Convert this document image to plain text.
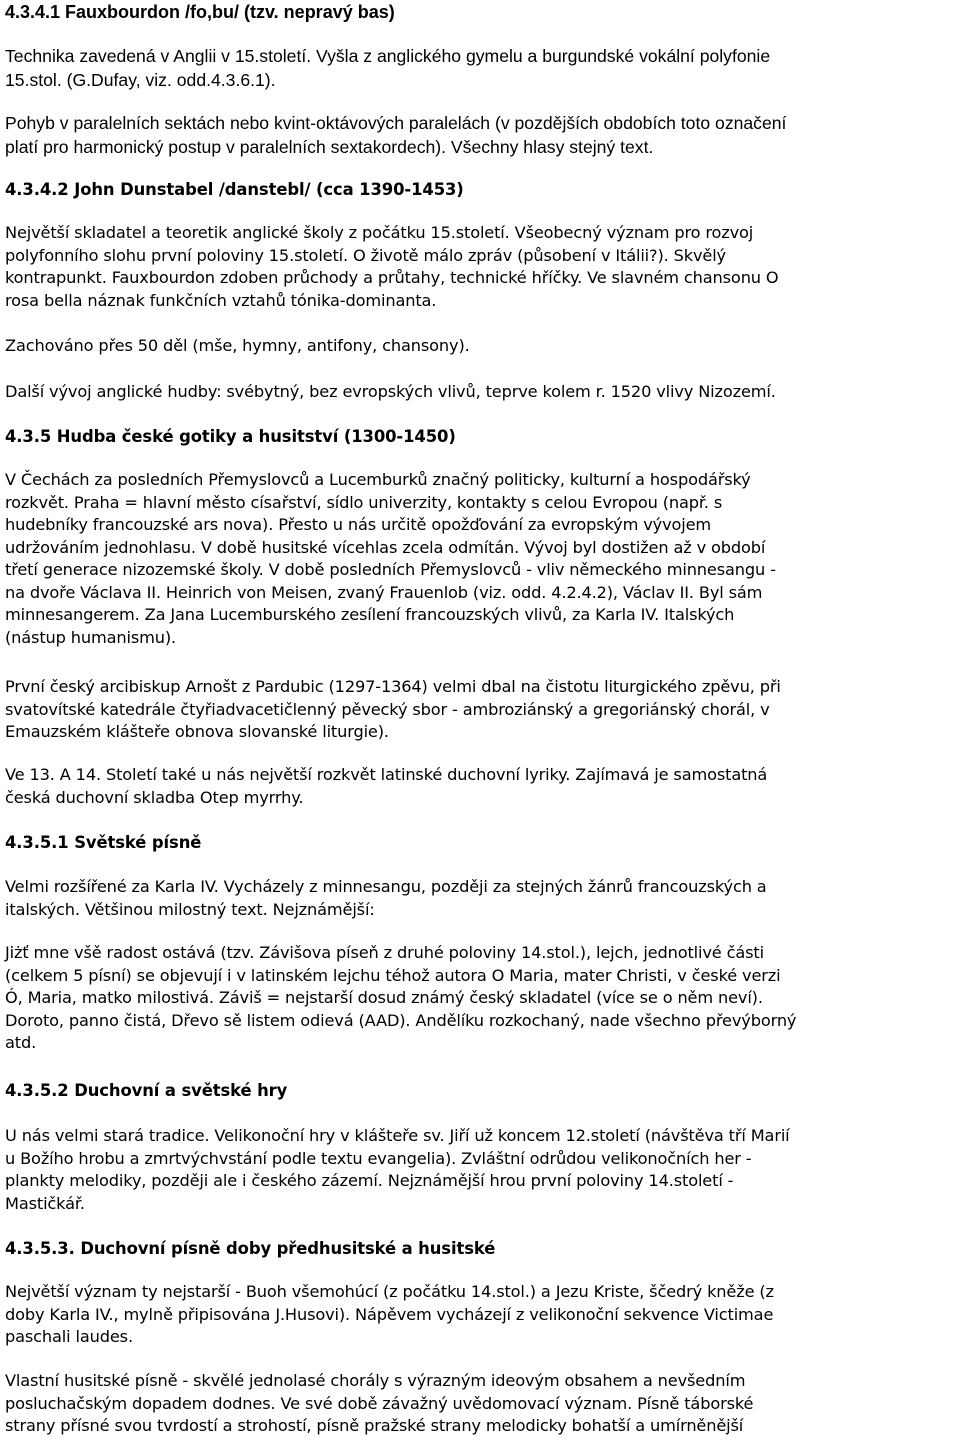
4.3.4.1 Fauxbourdon /fo,bu/ (tzv. nepravý bas)
Technika zavedená v Anglii v 15.století. Vyšla z anglického gymelu a burgundské vokální polyfonie
15.stol. (G.Dufay, viz. odd.4.3.6.1).
Pohyb v paralelních sektách nebo kvint-oktávových paralelách (v pozdějších obdobích toto označení
platí pro harmonický postup v paralelních sextakordech). Všechny hlasy stejný text.
4.3.4.2 John Dunstabel /danstebl/ (cca 1390-1453)
Největší skladatel a teoretik anglické školy z počátku 15.století. Všeobecný význam pro rozvoj
polyfonního slohu první poloviny 15.století. O životě málo zpráv (působení v Itálii?). Skvělý
kontrapunkt. Fauxbourdon zdoben průchody a průtahy, technické hříčky. Ve slavném chansonu O
rosa bella náznak funkčních vztahů tónika-dominanta.
Zachováno přes 50 děl (mše, hymny, antifony, chansony).
Další vývoj anglické hudby: svébytný, bez evropských vlivů, teprve kolem r. 1520 vlivy Nizozemí.
4.3.5 Hudba české gotiky a husitství (1300-1450)
V Čechách za posledních Přemyslovců a Lucemburků značný politicky, kulturní a hospodářský
rozkvět. Praha = hlavní město císařství, sídlo univerzity, kontakty s celou Evropou (např. s
hudebníky francouzské ars nova). Přesto u nás určitě opožďování za evropským vývojem
udržováním jednohlasu. V době husitské vícehlas zcela odmítán. Vývoj byl dostižen až v období
třetí generace nizozemské školy. V době posledních Přemyslovců - vliv německého minnesangu -
na dvoře Václava II. Heinrich von Meisen, zvaný Frauenlob (viz. odd. 4.2.4.2), Václav II. Byl sám
minnesangerem. Za Jana Lucemburského zesílení francouzských vlivů, za Karla IV. Italských
(nástup humanismu).
První český arcibiskup Arnošt z Pardubic (1297-1364) velmi dbal na čistotu liturgického zpěvu, při
svatovítské katedrále čtyřiadvacetičlenný pěvecký sbor - ambroziánský a gregoriánský chorál, v
Emauzském klášteře obnova slovanské liturgie).
Ve 13. A 14. Století také u nás největší rozkvět latinské duchovní lyriky. Zajímavá je samostatná
česká duchovní skladba Otep myrrhy.
4.3.5.1 Světské písně
Velmi rozšířené za Karla IV. Vycházely z minnesangu, později za stejných žánrů francouzských a
italských. Většinou milostný text. Nejznámější:
Jiżť mne všě radost ostává (tzv. Závišova píseň z druhé poloviny 14.stol.), lejch, jednotlivé části
(celkem 5 písní) se objevují i v latinském lejchu téhož autora O Maria, mater Christi, v české verzi
Ó, Maria, matko milostivá. Záviš = nejstarší dosud známý český skladatel (více se o něm neví).
Doroto, panno čistá, Dřevo sě listem odievá (AAD). Andělíku rozkochaný, nade všechno převýborný
atd.
4.3.5.2 Duchovní a světské hry
U nás velmi stará tradice. Velikonoční hry v klášteře sv. Jiří už koncem 12.století (návštěva tří Marií
u Božího hrobu a zmrtvýchvstání podle textu evangelia). Zvláštní odrůdou velikonočních her -
plankty melodiky, později ale i českého zázemí. Nejznámější hrou první poloviny 14.století -
Mastičkář.
4.3.5.3. Duchovní písně doby předhusitské a husitské
Největší význam ty nejstarší - Buoh všemohúcí (z počátku 14.stol.) a Jezu Kriste, ščedrý kněže (z
doby Karla IV., mylně připisována J.Husovi). Nápěvem vycházejí z velikonoční sekvence Victimae
paschali laudes.
Vlastní husitské písně - skvělé jednolasé chorály s výrazným ideovým obsahem a nevšedním
posluchačským dopadem dodnes. Ve své době závažný uvědomovací význam. Písně táborské
strany přísné svou tvrdostí a strohostí, písně pražské strany melodicky bohatší a umírněnější
